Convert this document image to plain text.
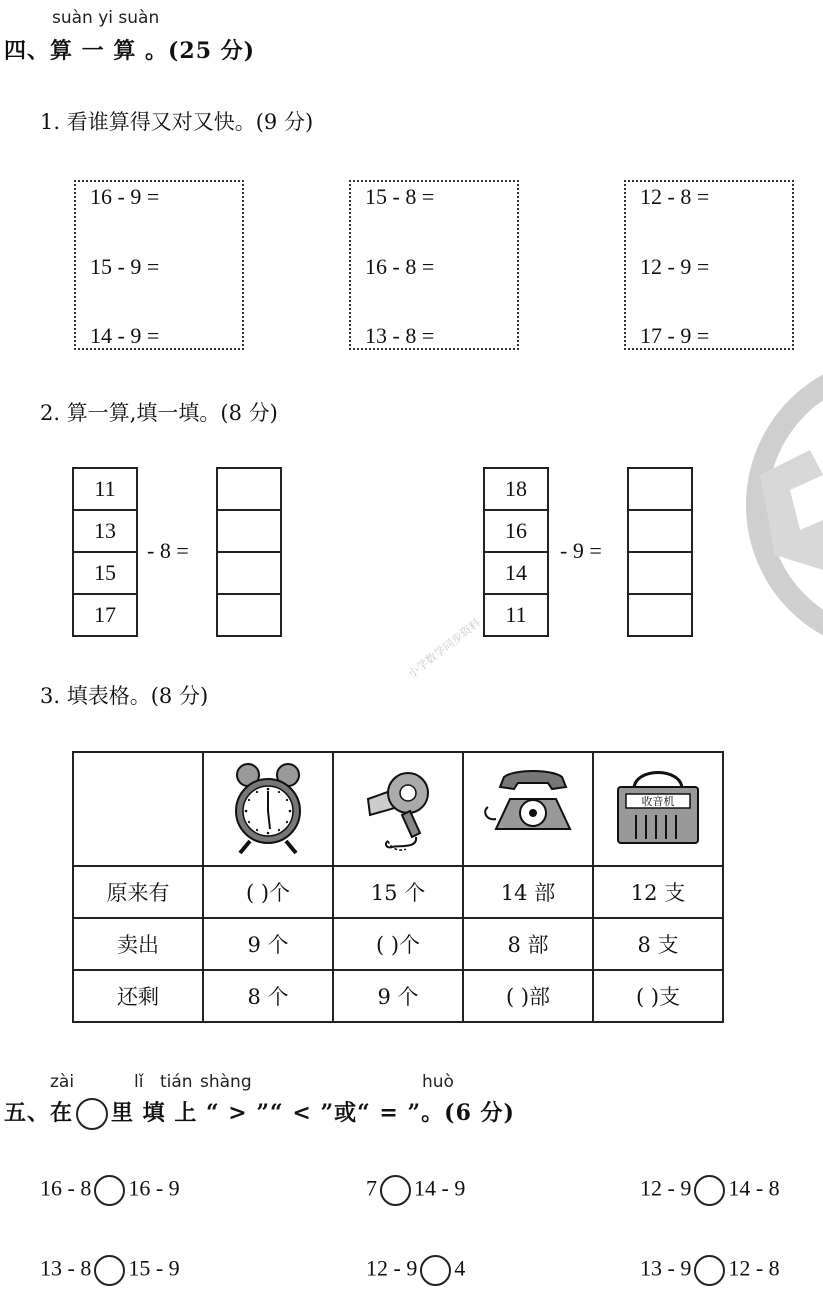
suàn yi suàn
四、算 一 算 。(25 分)
1. 看谁算得又对又快。(9 分)
16 - 9 =
15 - 9 =
14 - 9 =
15 - 8 =
16 - 8 =
13 - 8 =
12 - 8 =
12 - 9 =
17 - 9 =
2. 算一算,填一填。(8 分)
11
13
15
17
- 8 =
18
16
14
11
- 9 =
小学数学同步资料
3. 填表格。(8 分)

收音机

原来有	( )个	15 个	14 部	12 支
卖出	9 个	( )个	8 部	8 支
还剩	8 个	9 个	( )部	( )支
zài	lǐ tián shàng	huò
五、在 里 填 上 “ > ”“ < ”或“ = ”。(6 分)
16 - 8 16 - 9	7 14 - 9	12 - 9 14 - 8
13 - 8 15 - 9	12 - 9 4	13 - 9 12 - 8
